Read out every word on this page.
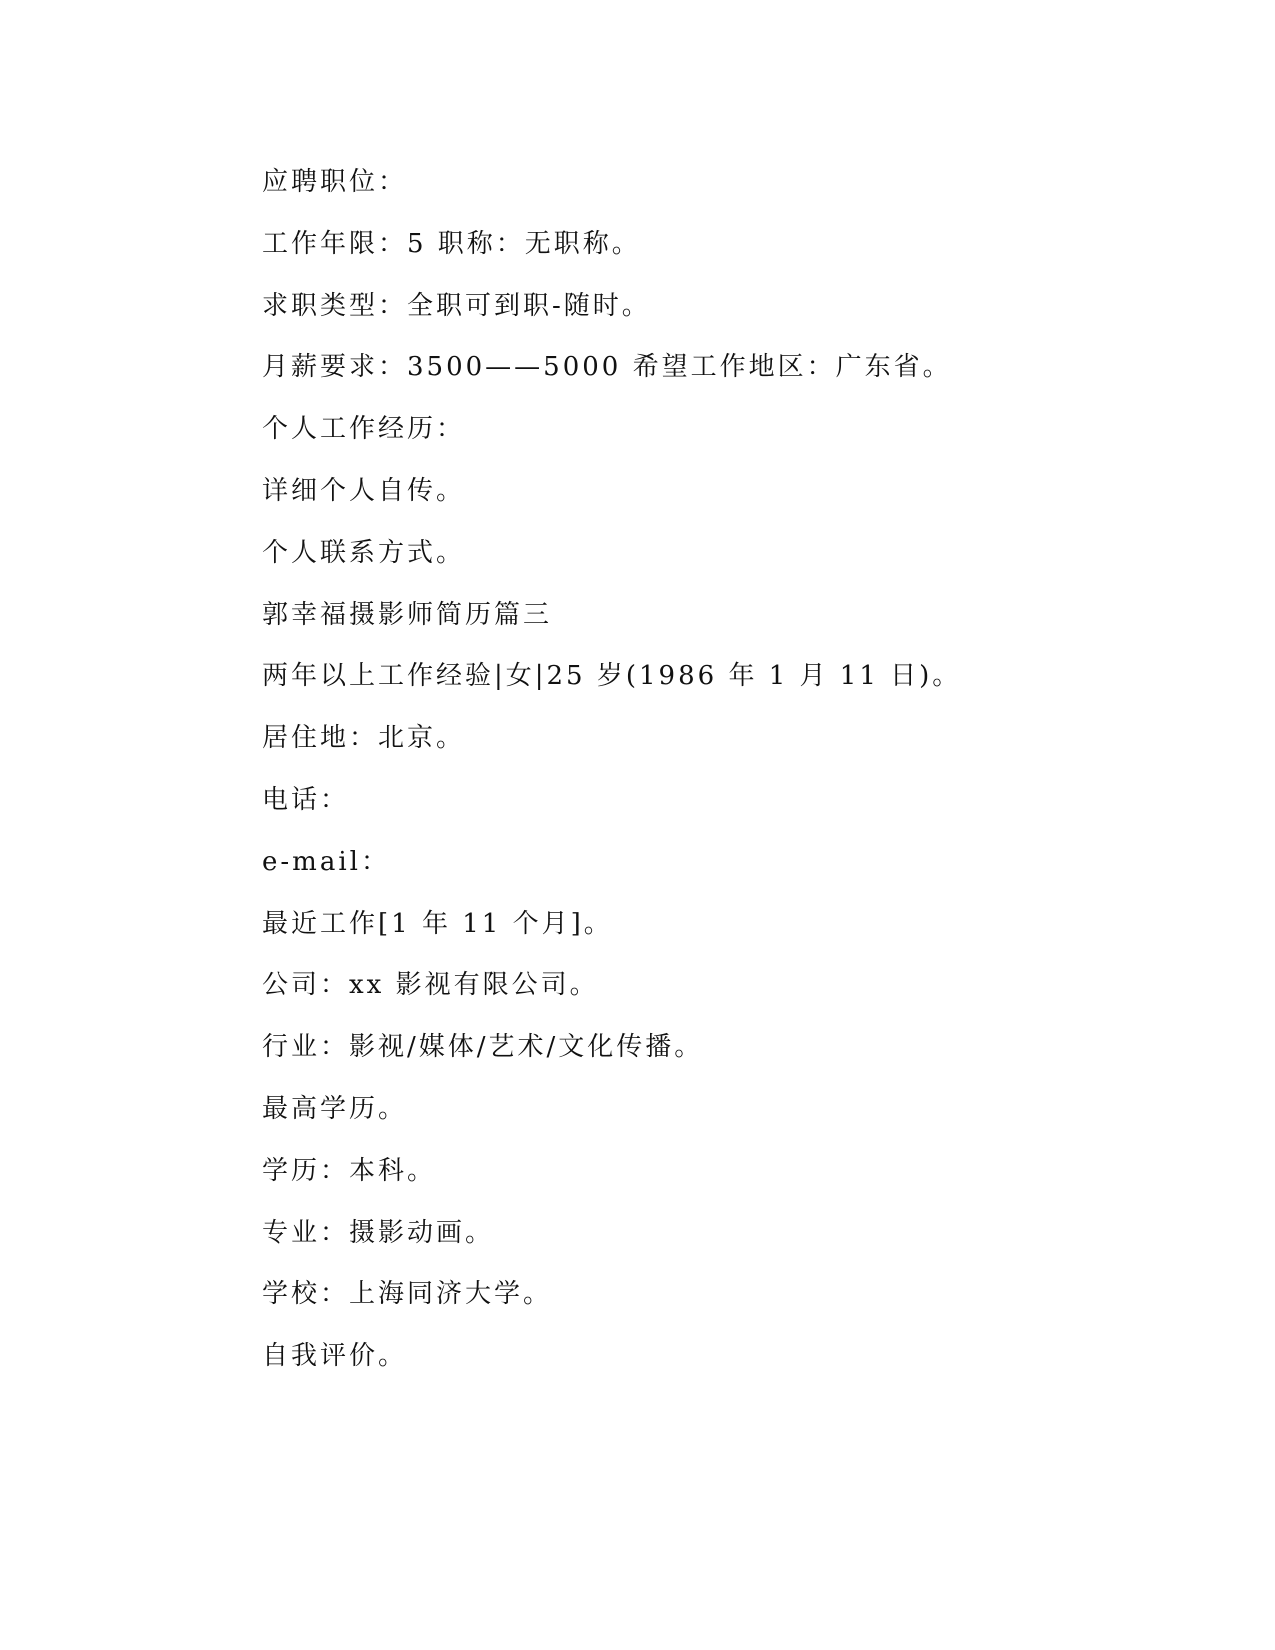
应聘职位：
工作年限：5 职称：无职称。
求职类型：全职可到职-随时。
月薪要求：3500——5000 希望工作地区：广东省。
个人工作经历：
详细个人自传。
个人联系方式。
郭幸福摄影师简历篇三
两年以上工作经验|女|25 岁(1986 年 1 月 11 日)。
居住地：北京。
电话：
e-mail：
最近工作[1 年 11 个月]。
公司：xx 影视有限公司。
行业：影视/媒体/艺术/文化传播。
最高学历。
学历：本科。
专业：摄影动画。
学校：上海同济大学。
自我评价。
